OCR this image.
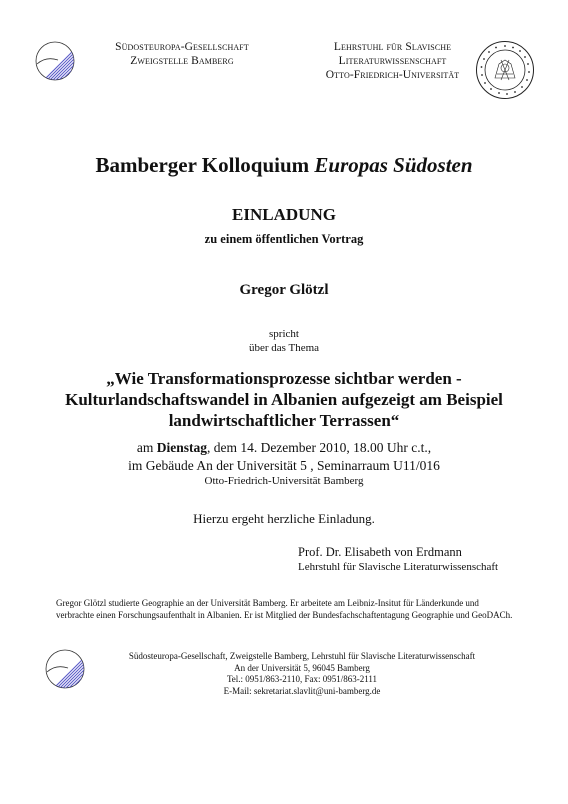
Südosteuropa-Gesellschaft
Zweigstelle Bamberg
Lehrstuhl für Slavische
Literaturwissenschaft
Otto-Friedrich-Universität
Bamberger Kolloquium Europas Südosten
EINLADUNG
zu einem öffentlichen Vortrag
Gregor Glötzl
spricht
über das Thema
„Wie Transformationsprozesse sichtbar werden -
Kulturlandschaftswandel in Albanien aufgezeigt am Beispiel
landwirtschaftlicher Terrassen“
am Dienstag, dem 14. Dezember 2010, 18.00 Uhr c.t.,
im Gebäude An der Universität 5 , Seminarraum U11/016
Otto-Friedrich-Universität Bamberg
Hierzu ergeht herzliche Einladung.
Prof. Dr. Elisabeth von Erdmann
Lehrstuhl für Slavische Literaturwissenschaft
Gregor Glötzl studierte Geographie an der Universität Bamberg. Er arbeitete am Leibniz-Insitut für Länderkunde und verbrachte einen Forschungsaufenthalt in Albanien. Er ist Mitglied der Bundesfachschaftentagung Geographie und GeoDACh.
Südosteuropa-Gesellschaft, Zweigstelle Bamberg, Lehrstuhl für Slavische Literaturwissenschaft
An der Universität 5, 96045 Bamberg
Tel.: 0951/863-2110, Fax: 0951/863-2111
E-Mail: sekretariat.slavlit@uni-bamberg.de
